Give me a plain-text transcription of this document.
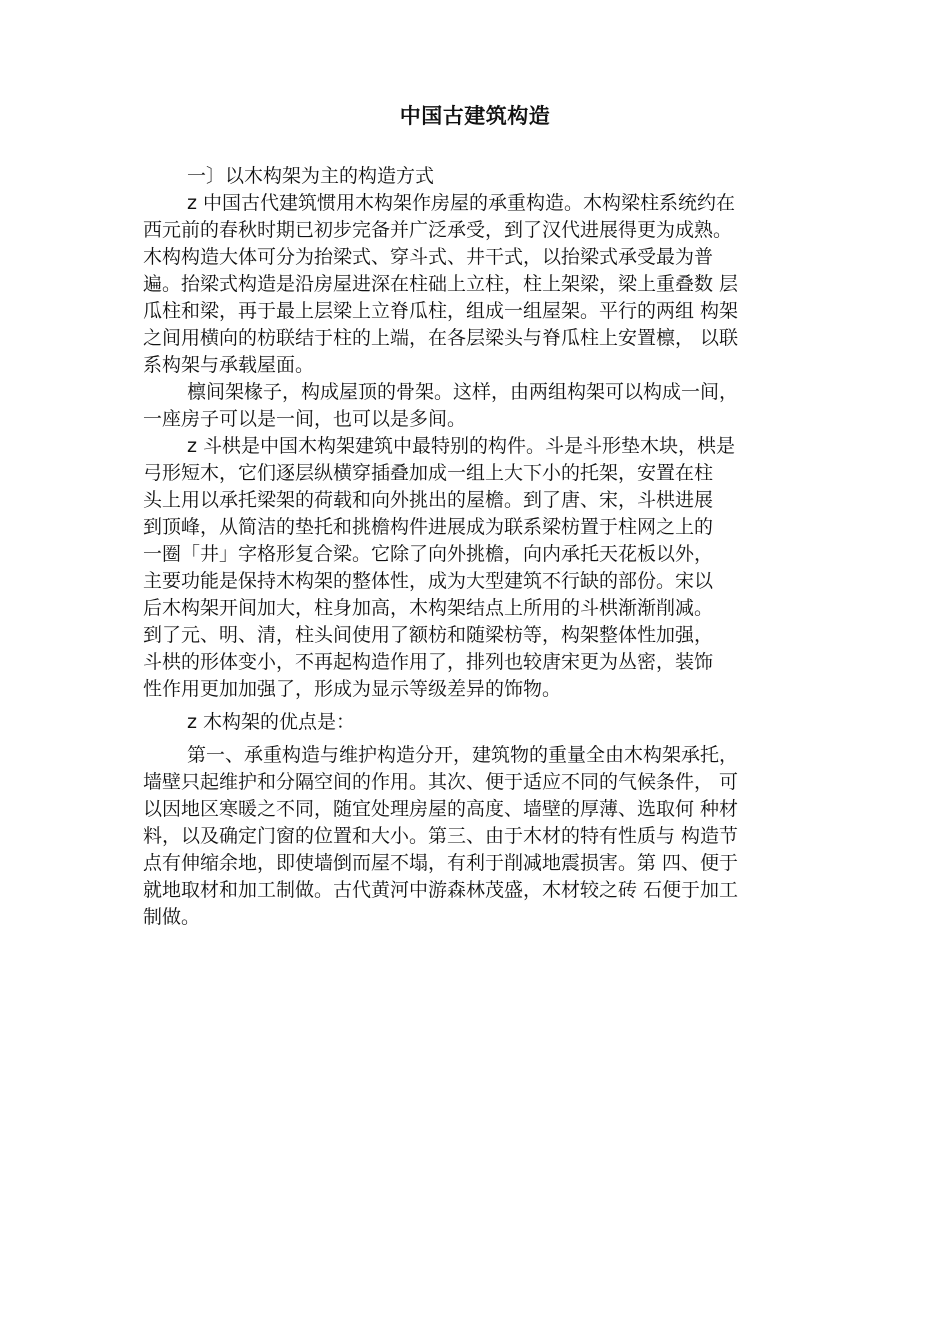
中国古建筑构造
一〕以木构架为主的构造方式
z 中国古代建筑惯用木构架作房屋的承重构造。木构梁柱系统约在
西元前的春秋时期已初步完备并广泛承受，到了汉代进展得更为成熟。
木构构造大体可分为抬梁式、穿斗式、井干式，以抬梁式承受最为普
遍。抬梁式构造是沿房屋进深在柱础上立柱，柱上架梁，梁上重叠数 层
瓜柱和梁，再于最上层梁上立脊瓜柱，组成一组屋架。平行的两组 构架
之间用横向的枋联结于柱的上端，在各层梁头与脊瓜柱上安置檩， 以联
系构架与承载屋面。
檩间架椽子，构成屋顶的骨架。这样，由两组构架可以构成一间，
一座房子可以是一间，也可以是多间。
z 斗栱是中国木构架建筑中最特别的构件。斗是斗形垫木块，栱是
弓形短木，它们逐层纵横穿插叠加成一组上大下小的托架，安置在柱
头上用以承托梁架的荷载和向外挑出的屋檐。到了唐、宋，斗栱进展
到顶峰，从简洁的垫托和挑檐构件进展成为联系梁枋置于柱网之上的
一圈「井」字格形复合梁。它除了向外挑檐，向内承托天花板以外，
主要功能是保持木构架的整体性，成为大型建筑不行缺的部份。宋以
后木构架开间加大，柱身加高，木构架结点上所用的斗栱渐渐削减。
到了元、明、清，柱头间使用了额枋和随梁枋等，构架整体性加强，
斗栱的形体变小，不再起构造作用了，排列也较唐宋更为丛密，装饰
性作用更加加强了，形成为显示等级差异的饰物。
z 木构架的优点是：
第一、承重构造与维护构造分开，建筑物的重量全由木构架承托，
墙壁只起维护和分隔空间的作用。其次、便于适应不同的气候条件， 可
以因地区寒暖之不同，随宜处理房屋的高度、墙壁的厚薄、选取何 种材
料，以及确定门窗的位置和大小。第三、由于木材的特有性质与 构造节
点有伸缩余地，即使墙倒而屋不塌，有利于削减地震损害。第 四、便于
就地取材和加工制做。古代黄河中游森林茂盛，木材较之砖 石便于加工
制做。
